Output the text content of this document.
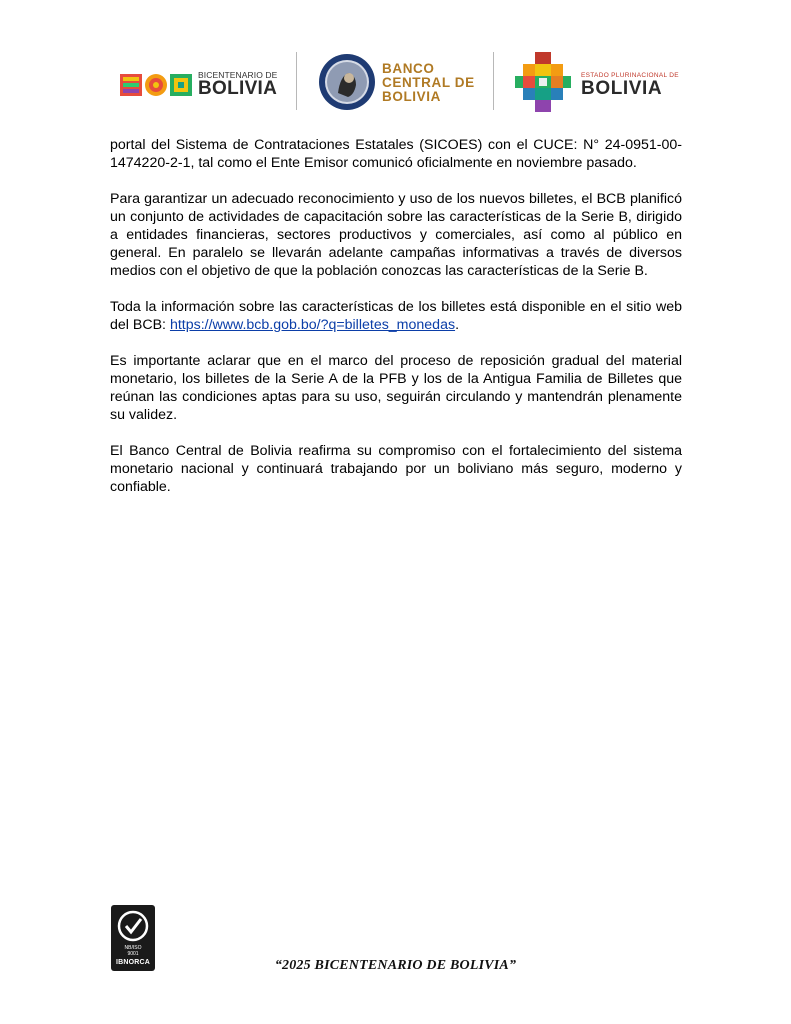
BICENTENARIO DE
BOLIVIA
BANCO
CENTRAL DE
BOLIVIA
ESTADO PLURINACIONAL DE
BOLIVIA

portal del Sistema de Contrataciones Estatales (SICOES) con el CUCE: N° 24-0951-00-1474220-2-1, tal como el Ente Emisor comunicó oficialmente en noviembre pasado.

Para garantizar un adecuado reconocimiento y uso de los nuevos billetes, el BCB planificó un conjunto de actividades de capacitación sobre las características de la Serie B, dirigido a entidades financieras, sectores productivos y comerciales, así como al público en general. En paralelo se llevarán adelante campañas informativas a través de diversos medios con el objetivo de que la población conozcas las características de la Serie B.

Toda la información sobre las características de los billetes está disponible en el sitio web del BCB: https://www.bcb.gob.bo/?q=billetes_monedas.

Es importante aclarar que en el marco del proceso de reposición gradual del material monetario, los billetes de la Serie A de la PFB y los de la Antigua Familia de Billetes que reúnan las condiciones aptas para su uso, seguirán circulando y mantendrán plenamente su validez.

El Banco Central de Bolivia reafirma su compromiso con el fortalecimiento del sistema monetario nacional y continuará trabajando por un boliviano más seguro, moderno y confiable.

NB/ISO
9001
IBNORCA	“2025 BICENTENARIO DE BOLIVIA”
